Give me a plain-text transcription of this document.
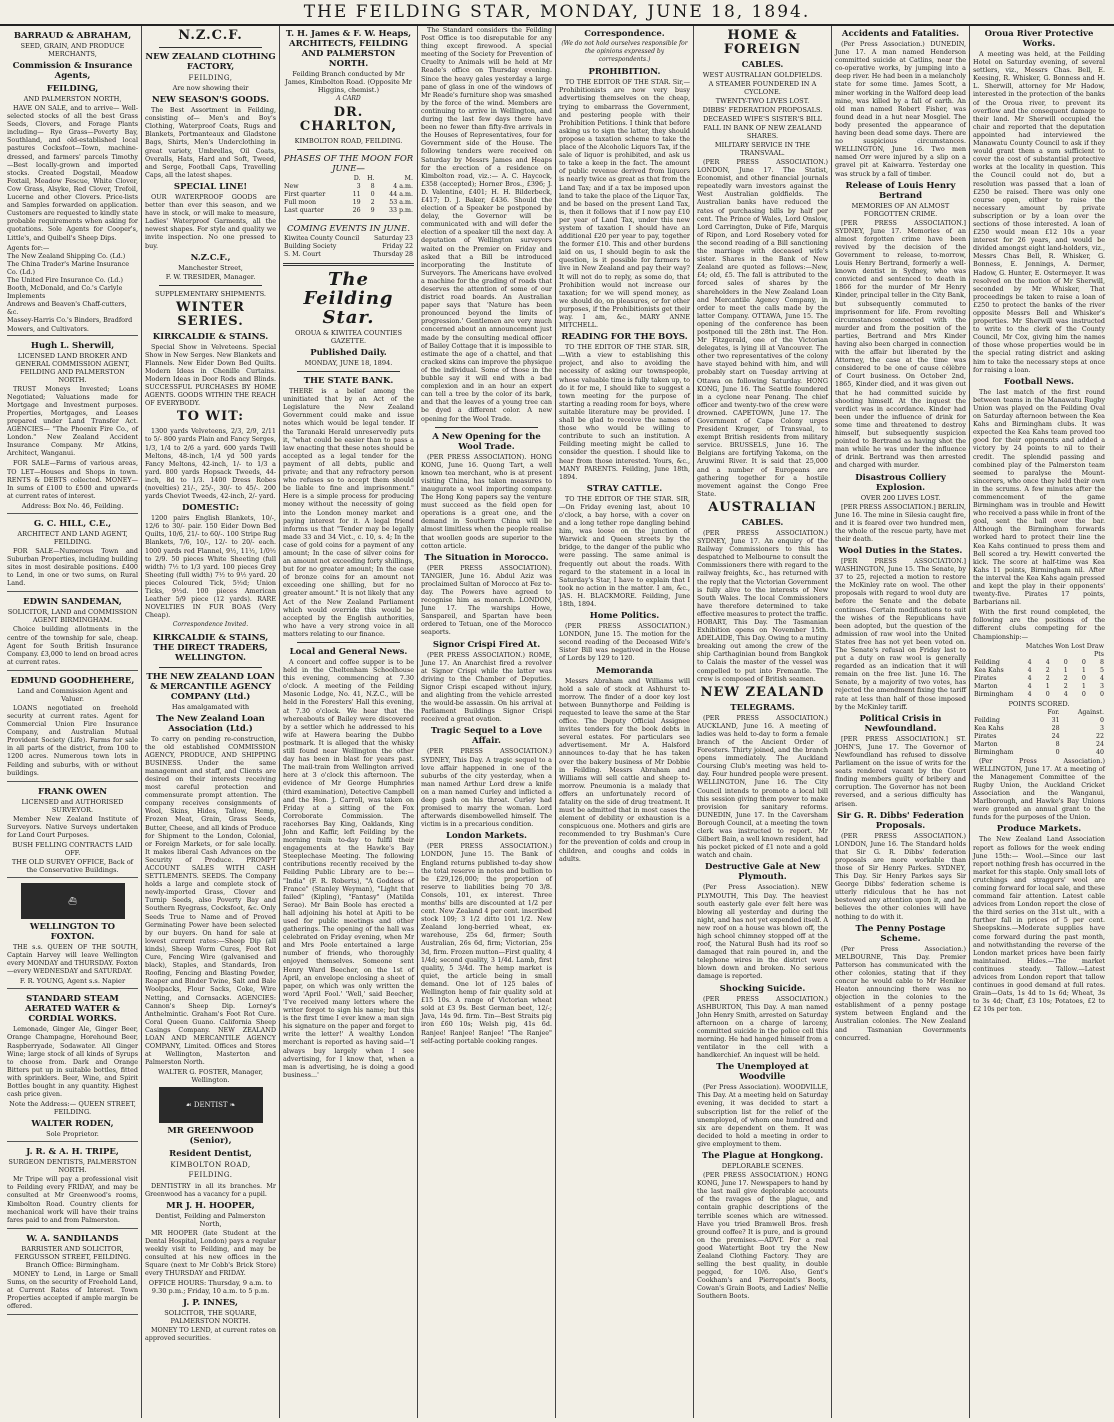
THE FEILDING STAR, MONDAY, JUNE 18, 1894.
BARRAUD & ABRAHAM,
SEED, GRAIN, AND PRODUCE MERCHANTS,
Commission & Insurance Agents,
FEILDING,
AND PALMERSTON NORTH,

HAVE ON SALE, and to arrive— Well-selected stocks of all the best Grass Seeds, Clovers, and Forage Plants including— Rye Grass—Poverty Bay, Southland, and old-established local pastures Cocksfoot—Town, machine-dressed, and farmers' parcels Timothy—Best locally-grown and imported stocks. Created Dogstail, Meadow Foxtail, Meadow Fescue, White Clover, Cow Grass, Alsyke, Red Clover, Trefoil, Lucerne and other Clovers. Price-lists and Samples forwarded on application. Customers are requested to kindly state probable requirements when asking for quotations. Sole Agents for Cooper's, Little's, and Quibell's Sheep Dips.

Agents for:—
The New Zealand Shipping Co. (Ld.)
The China Trader's Marine Insurance Co. (Ld.)
The United Fire Insurance Co. (Ld.)
Booth, McDonald, and Co.'s Carlyle Implements
Andrews and Beaven's Chaff-cutters, &c.
Massey-Harris Co.'s Binders, Bradford Mowers, and Cultivators.
Hugh L. Sherwill,
LICENSED LAND BROKER AND GENERAL COMMISSION AGENT, FEILDING AND PALMERSTON NORTH.

TRUST Moneys Invested; Loans Negotiated; Valuations made for Mortgage and Investment purposes. Properties, Mortgages, and Leases prepared under Land Transfer Act. AGENCIES— "The Phoenix Fire Co., of London." New Zealand Accident Insurance Company. Mr Atkins, Architect, Wanganui.

FOR SALE—Farms of various areas, TO LET—Houses and Shops in town. RENTS & DEBTS collected. MONEY—In sums of £100 to £500 and upwards at current rates of interest.

Address: Box No. 46, Feilding.
G. C. HILL, C.E.,
ARCHITECT AND LAND AGENT, FEILDING.

FOR SALE—Numerous Town and Suburban Properties, including building sites in most desirable positions. £400 to Lend, in one or two sums, on Rural Land.

EDWIN SANDEMAN,
SOLICITOR, LAND and COMMISSION AGENT BIRMINGHAM.

Choice building allotments in the centre of the township for sale, cheap. Agent for South British Insurance Company. £3,000 to lend on broad acres at current rates.

EDMUND GOODHEHERE,
Land and Commission Agent and Valuer.

LOANS negotiated on freehold security at current rates. Agent for Commercial Union Fire Insurance Company, and Australian Mutual Provident Society (Life). Farms for sale in all parts of the district, from 100 to 1200 acres. Numerous town lots in Feilding and suburbs, with or without buildings.

FRANK OWEN
LICENSED and AUTHORISED SURVEYOR.

Member New Zealand Institute of Surveyors. Native Surveys undertaken for Land Court Purposes.

BUSH FELLING CONTRACTS LAID OFF.
THE OLD SURVEY OFFICE, Back of the Conservative Buildings.
⛴
WELLINGTON TO FOXTON.

THE s.s. QUEEN OF THE SOUTH, Captain Harvey will leave Wellington every MONDAY and THURSDAY. Foxton—every WEDNESDAY and SATURDAY.

F. R. YOUNG, Agent s.s. Napier
STANDARD STEAM AERATED WATER & CORDIAL WORKS.

Lemonade, Ginger Ale, Ginger Beer, Orange Champagne, Horehound Beer, Raspberryade, Sodawater. All Ginger Wine; large stock of all kinds of Syrups to choose from. Dark and Orange Bitters put up in suitable bottles, fitted with sprinklers. Beer, Wine, and Spirit Bottles bought in any quantity. Highest cash price given.

Note the Address:— QUEEN STREET, FEILDING.
WALTER RODEN,
Sole Proprietor.
J. R. & A. H. TRIPE,
SURGEON DENTISTS, PALMERSTON NORTH.

Mr Tripe will pay a professional visit to Feilding every FRIDAY, and may be consulted at Mr Greenwood's rooms, Kimbolton Road. Country clients for mechanical work will have their trains fares paid to and from Palmerston.

W. A. SANDILANDS
BARRISTER AND SOLICITOR, FERGUSSON STREET, FEILDING. Branch Office: Birmingham.

MONEY to Lend, in Large or Small Sums, on the security of Freehold Land, at Current Rates of Interest. Town Properties accepted if ample margin be offered.

N.Z.C.F.
NEW ZEALAND CLOTHING FACTORY,
FEILDING,
Are now showing their
NEW SEASON'S GOODS.

The Best Assortment in Feilding, consisting of— Men's and Boy's Clothing, Waterproof Coats, Rugs and Blankets, Portmanteaux and Gladstone Bags, Shirts, Men's Underclothing in great variety, Umbrellas, Oil Coats, Overalls, Hats, Hard and Soft, Tweed, and Serge, Football Caps, Travelling Caps, all the latest shapes.

SPECIAL LINE!

OUR WATERPROOF GOODS are better than ever this season, and we have in stock, or will make to measure, Ladies' Waterproof Garments, all the newest shapes. For style and quality we invite inspection. No one pressed to buy.

N.Z.C.F.,
Manchester Street,
F. W. TRESIDER, Manager.
SUPPLEMENTARY SHIPMENTS.
WINTER SERIES.
KIRKCALDIE & STAINS.

Special Show in Velveteens. Special Show in New Serges. New Blankets and Flannels. New Eider Down Bed Quilts. Modern Ideas in Chenille Curtains. Modern Ideas in Door Rods and Blinds. SUCCESSFUL PURCHASES BY HOME AGENTS. GOODS WITHIN THE REACH OF EVERYBODY.

TO WIT:

1300 yards Velveteens, 2/3, 2/9, 2/11 to 5/- 800 yards Plain and Fancy Serges, 1/3, 1/4 to 2/6 a yard. 600 yards Twill Meltons, 48-inch, 1/4 yd 500 yards Fancy Meltons, 42-inch, 1/- to 1/3 a yard. 800 yards Hopsack Tweeds, 44-inch, 8d to 1/3. 1400 Dress Robes (novelties) 21/-, 25/-, 30/- to 45/-. 200 yards Cheviot Tweeds, 42-inch, 2/- yard.

DOMESTIC:

1200 pairs English Blankets, 10/-, 12/6 to 30/- pair. 150 Eider Down Bed Quilts, 10/6, 21/- to 60/-. 100 Stripe Rug Blankets, 7/6, 10/-, 12/- to 20/- each. 1000 yards red Flannel, 9½, 11½, 1/0½ to 2/9. 50 pieces White Sheeting (full width) 7½ to 1/3 yard. 100 pieces Grey Sheeting (full width) 7½ to 9½ yard. 20 pieces Coloured Tick, 5½d; Union Ticks, 9½d. 100 pieces American Leather 5/9 piece (12 yards). RARE NOVELTIES IN FUR BOAS (Very Cheap).

Correspondence Invited.
KIRKCALDIE & STAINS, THE DIRECT TRADERS, WELLINGTON.
THE NEW ZEALAND LOAN & MERCANTILE AGENCY COMPANY (Ltd.)
Has amalgamated with
The New Zealand Loan Association (Ltd.)

To carry on pending re-construction, the old established COMMISSION AGENCY, PRODUCE, AND SHIPPING BUSINESS. Under the same management and staff, and Clients are desired on their interests receiving most careful protection and commensurate prompt attention. The company receives consignments of Wool, Skins, Hides, Tallow, Hemp, Frozen Meat, Grain, Grass Seeds, Butter, Cheese, and all kinds of Produce for Shipment to the London, Colonial, or Foreign Markets, or for sale locally. It makes liberal Cash Advances on the Security of Produce. PROMPT ACCOUNT SALES WITH CASH SETTLEMENTS. SEEDS. The Company holds a large and complete stock of newly-imported Grass, Clover and Turnip Seeds, also Poverty Bay and Southern Ryegrass, Cocksfoot, &c. Only Seeds True to Name and of Proved Germinating Power have been selected by our buyers. On hand for sale at lowest current rates:—Sheep Dip (all kinds), Sheep Worm Cures, Foot Rot Cure, Fencing Wire (galvanised and black), Staples, and Standards, Iron Roofing, Fencing and Blasting Powder, Reaper and Binder Twine, Salt and Bale Woolpacks, Flour Sacks, Coke, Wire Netting, and Cornsacks. AGENCIES: Cannon's Sheep Dip. Lorney's Anthelmintic. Graham's Foot Rot Cure. Coral Queen Guano. California Sheep Casings Company. NEW ZEALAND LOAN AND MERCANTILE AGENCY COMPANY, Limited. Offices and Stores at Wellington, Masterton and Palmerston North.

WALTER G. FOSTER, Manager, Wellington.
☙ DENTIST ❧
MR GREENWOOD (Senior),
Resident Dentist,
KIMBOLTON ROAD,
FEILDING.

DENTISTRY in all its branches. Mr Greenwood has a vacancy for a pupil.

MR J. H. HOOPER,
Dentist, Feilding and Palmerston North,

MR HOOPER (late Student at the Dental Hospital, London) pays a regular weekly visit to Feilding, and may be consulted at his new offices in the Square (next to Mr Cobb's Brick Store) every THURSDAY and FRIDAY.

OFFICE HOURS: Thursday, 9 a.m. to 9.30 p.m.; Friday, 10 a.m. to 5 p.m.
J. P. INNES,
SOLICITOR, THE SQUARE, PALMERSTON NORTH.

MONEY TO LEND, at current rates on approved securities.

T. H. James & F. W. Heaps, ARCHITECTS, FEILDING AND PALMERSTON NORTH.
Feilding Branch conducted by Mr James, Kimbolton Road. (Opposite Mr Higgins, chemist.)
A CARD
DR. CHARLTON,
KIMBOLTON ROAD, FEILDING.
PHASES OF THE MOON FOR JUNE—
	D.	H.	M.
New	3	8	4 a.m.
First quarter	11	0	44 a.m.
Full moon	19	2	53 a.m.
Last quarter	26	9	33 p.m.
COMING EVENTS IN JUNE.
Kiwitea County Council	Saturday 23
Building Society	Friday 22
S. M. Court	Thursday 28
The Feilding Star.
OROUA & KIWITEA COUNTIES GAZETTE.
Published Daily.
MONDAY, JUNE 18, 1894.
THE STATE BANK.

THERE is a belief among the uninitiated that by an Act of the Legislature the New Zealand Government could make and issue notes which would be legal tender. If the Taranaki Herald unreservedly puts it, "what could be easier than to pass a law enacting that these notes should be accepted as a legal tender for the payment of all debts, public and private; and that any refractory person who refuses so to accept them should be liable to fine and imprisonment." Here is a simple process for producing money without the necessity of going into the London money market and paying interest for it. A legal friend informs us that "Tender may be legally made 33 and 34 Vict., c. 10, s. 4; In the case of gold coins for a payment of any amount; In the case of silver coins for an amount not exceeding forty shillings, but for no greater amount; In the case of bronze coins for an amount not exceeding one shilling, but for no greater amount." It is not likely that any Act of the New Zealand Parliament which would override this would be accepted by the English authorities, who have a very strong voice in all matters relating to our finance.

Local and General News.

A concert and coffee supper is to be held in the Cheltenham Schoolhouse this evening, commencing at 7.30 o'clock. A meeting of the Feilding Masonic Lodge, No. 41, N.Z.C., will be held in the Foresters' Hall this evening, at 7.30 o'clock. We hear that the whereabouts of Bailey were discovered by a settler which he addressed to his wife at Hawera bearing the Dubbo postmark. It is alleged that the whisky still found near Wellington the other day has been in blast for years past. The mail-train from Wellington arrived here at 3 o'clock this afternoon. The evidence of Mr George Humphries (third examination), Detective Campbell and the Hon. J. Carroll, was taken on Friday at a sitting of the Fox Corroborate Commission. The racehorses Bay King, Oaklands, King John and Kaffir, left Feilding by the morning train to-day to fulfil their engagements at the Hawke's Bay Steeplechase Meeting. The following contributions recently received by the Feilding Public Library are to be:— "India" (F. R. Roberts), "A Goddess of France" (Stanley Weyman), "Light that failed" (Kipling), "Fantasy" (Matilda Serao). Mr Bain Boole has erected a hall adjoining his hotel at Apiti to be used for public meetings and other gatherings. The opening of the hall was celebrated on Friday evening, when Mr and Mrs Poole entertained a large number of friends, who thoroughly enjoyed themselves. Someone sent Henry Ward Beecher, on the 1st of April, an envelope enclosing a sheet of paper, on which was only written the word 'April Fool.' 'Well,' said Beecher, 'I've received many letters where the writer forgot to sign his name; but this is the first time I ever knew a man sign his signature on the paper and forget to write the letter!' A wealthy London merchant is reported as having said—'I always buy largely when I see advertising, for I know that, when a man is advertising, he is doing a good business...'

The Standard considers the Feilding Post Office is too disreputable for any thing except firewood. A special meeting of the Society for Prevention of Cruelty to Animals will be held at Mr Reade's office on Thursday evening. Since the heavy gales yesterday a large pane of glass in one of the windows of Mr Reade's furniture shop was smashed by the force of the wind. Members are continuing to arrive in Wellington, and during the last few days there have been no fewer than fifty-five arrivals in the Houses of Representatives, four for Government side of the House. The following tenders were received on Saturday by Messrs James and Heaps for the erection of a residence on Kimbolton road, viz.:— A. C. Haycock, £358 (accepted); Horner Bros., £396; J. D. Valentine, £401; H. H. Bilderbeck, £417; D. J. Baker, £436. Should the election of a Speaker be postponed by delay, the Governor will be communicated with and will defer the election of a speaker till the next day. A deputation of Wellington surveyors waited on the Premier on Friday and asked that a Bill be introduced incorporating the Institute of Surveyors. The Americans have evolved a machine for the grading of roads that deserves the attention of some of our district road boards. An Australian paper says that 'Nature has been pronounced beyond the limits of progression.' Gentlemen are very much concerned about an announcement just made by the consulting medical officer of Bailey Cottage that it is impossible to estimate the age of a chattel, and that cracked skins can improve the physique of the individual. Some of those in the bubble say it will end with a bad complexion and in an hour an expert can tell a tree by the color of its bark, and that the leaves of a young tree can be dyed a different color. A new opening for the Wool Trade.

A New Opening for the Wool Trade.

(PER PRESS ASSOCIATION). HONG KONG, June 16. Quong Tart, a well known tea merchant, who is at present visiting China, has taken measures to inaugurate a wool importing company. The Hong Kong papers say the venture must succeed as the field open for operations is a great one, and the demand in Southern China will be almost limitless when the people realise that woollen goods are superior to the cotton article.

The Situation in Morocco.

(PER PRESS ASSOCIATION). TANGIER, June 16. Abdul Aziz was proclaimed Sultan of Morocco at Fez to-day. The Powers have agreed to recognise him as monarch. LONDON, June 17. The warships Howe, Sanspareil, and Spartan have been ordered to Tetuan, one of the Morocco seaports.

Signor Crispi Fired At.

(PER PRESS ASSOCIATION.) ROME, June 17. An Anarchist fired a revolver at Signor Crispi while the latter was driving to the Chamber of Deputies. Signor Crispi escaped without injury, and alighting from the vehicle arrested the would-be assassin. On his arrival at Parliament Buildings Signor Crispi received a great ovation.

Tragic Sequel to a Love Affair.

(PER PRESS ASSOCIATION.) SYDNEY, This Day. A tragic sequel to a love affair happened in one of the suburbs of the city yesterday, when a man named Arthur Lord drew a knife on a man named Curley and inflicted a deep gash on his throat. Curley had promised to marry the woman. Lord afterwards disembowelled himself. The victim is in a precarious condition.

London Markets.

(PER PRESS ASSOCIATION.) LONDON, June 15. The Bank of England returns published to-day show the total reserve in notes and bullion to be £29,126,000; the proportion of reserve to liabilities being 70 3/8. Consols, 101, ex interest. Three months' bills are discounted at 1/2 per cent. New Zealand 4 per cent. inscribed stock 109; 3 1/2 ditto 101 1/2. New Zealand long-berried wheat, ex-warehouse, 25s 6d, firmer; South Australian, 26s 6d, firm; Victorian, 25s 3d, firm. Frozen mutton—First quality, 4 1/4d; second quality, 3 1/4d. Lamb, first quality, 5 3/4d. The hemp market is quiet, the article being in small demand. One lot of 125 bales of Wellington hemp of fair quality sold at £15 10s. A range of Victorian wheat sold at £3 9s. Best German beet, 12/-; Java, 14s 9d. firm. Tin—Best Straits pig iron £60 10s; Welsh pig, 41s 6d. Ranjee! Ranjee! Ranjee! "The Ranjee" self-acting portable cooking ranges.

Correspondence.
(We do not hold ourselves responsible for the opinions expressed by correspondents.)
PROHIBITION.

TO THE EDITOR OF THE STAR. Sir,—Prohibitionists are now very busy advertising themselves on the cheap, trying to embarrass the Government, and pestering people with their Prohibition Petitions. I think that before asking us to sign the latter, they should propose a taxation scheme to take the place of the Alcoholic Liquors Tax, if the sale of liquor is prohibited, and ask us to take a keep in the fact. The amount of public revenue derived from liquors is nearly twice as great as that from the Land Tax; and if a tax be imposed upon land to take the place of the Liquor Tax, and be based on the present Land Tax, is, then it follows that if I now pay £10 per year of Land Tax, under this new system of taxation I should have an additional £20 per year to pay, together the former £10. This and other burdens laid on us, I should begin to ask the question, is it possible for farmers to live in New Zealand and pay their way? It will not do to reply, as some do, that Prohibition would not increase our taxation; for we will spend money, as we should do, on pleasures, or for other purposes, if the Prohibitionists get their way. I am, &c., MARY ANNE MITCHELL.

READING FOR THE BOYS.

TO THE EDITOR OF THE STAR. SIR,—With a view to establishing this project, and also to avoiding the necessity of asking our townspeople, whose valuable time is fully taken up, to do it for me, I should like to suggest a town meeting for the purpose of starting a reading room for boys, where suitable literature may be provided. I shall be glad to receive the names of those who would be willing to contribute to such an institution. A Feilding meeting might be called to consider the question. I should like to hear from those interested. Yours, &c., MANY PARENTS. Feilding, June 18th, 1894.

STRAY CATTLE.

TO THE EDITOR OF THE STAR. SIR,—On Friday evening last, about 10 o'clock, a bay horse, with a cover on and a long tether rope dangling behind him, was loose on the junction of Warwick and Queen streets by the bridge, to the danger of the public who were passing. The same animal is frequently out about the roads. With regard to the statement in a local in Saturday's Star, I have to explain that I took no action in the matter. I am, &c., JAS. H. BLACKMORE. Feilding, June 18th, 1894.

Home Politics.

(PER PRESS ASSOCIATION.) LONDON, June 15. The motion for the second reading of the Deceased Wife's Sister Bill was negatived in the House of Lords by 129 to 120.

Memoranda

Messrs Abraham and Williams will hold a sale of stock at Ashhurst to-morrow. The finder of a door key lost between Bunnythorpe and Feilding is requested to leave the same at the Star office. The Deputy Official Assignee invites tenders for the book debts in several estates. For particulars see advertisement. Mr A. Halsford announces to-day that he has taken over the bakery business of Mr Dobbie in Feilding. Messrs Abraham and Williams will sell cattle and sheep to-morrow. Pneumonia is a malady that offers an unfortunately record of fatality on the side of drug treatment. It must be admitted that in most cases the element of debility or exhaustion is a conspicuous one. Mothers and girls are recommended to try Bushman's Cure for the prevention of colds and croup in children, and coughs and colds in adults.

HOME & FOREIGN
CABLES.
WEST AUSTRALIAN GOLDFIELDS.
A STEAMER FOUNDERED IN A CYCLONE.
TWENTY-TWO LIVES LOST.
DIBBS' FEDERATION PROPOSALS.
DECEASED WIFE'S SISTER'S BILL
FALL IN BANK OF NEW ZEALAND SHARES.
MILITARY SERVICE IN THE TRANSVAAL.

(PER PRESS ASSOCIATION.) LONDON, June 17. The Statist, Economist, and other financial journals repeatedly warn investors against the West Australian goldfields. The Australian banks have reduced the rates of purchasing bills by half per cent. The Prince of Wales, Lord Onslow, Lord Carrington, Duke of Fife, Marquis of Ripon, and Lord Rosebery voted for the second reading of a Bill sanctioning the marriage with deceased wife's sister. Shares in the Bank of New Zealand are quoted as follows:—New, £4; old, £5. The fall is attributed to the forced sales of shares by the shareholders in the New Zealand Loan and Mercantile Agency Company, in order to meet the calls made by the latter Company. OTTAWA, June 15. The opening of the conference has been postponed till the 28th inst. The Hon. Mr Fitzgerald, one of the Victorian delegates, is lying ill at Vancouver. The other two representatives of the colony have stayed behind with him, and will probably start on Tuesday arriving at Ottawa on following Saturday. HONG KONG, June 16. The Seattle foundered in a cyclone near Penang. The chief officer and twenty-two of the crew were drowned. CAPETOWN, June 17. The Government of Cape Colony urges President Kruger, of Transvaal, to exempt British residents from military service. BRUSSELS, June 16. The Belgians are fortifying Yakoma, on the Aruwimi River. It is said that 25,000 and a number of Europeans are gathering together for a hostile movement against the Congo Free State.

AUSTRALIAN
CABLES.

(PER PRESS ASSOCIATION.) SYDNEY, June 17. An enquiry of the Railway Commissioners to this has despatched to Melbourne to consult the Commissioners there with regard to the railway freights, &c., has returned with the reply that the Victorian Government is fully alive to the interests of New South Wales. The local Commissioners have therefore determined to take effective measures to protect the traffic. HOBART, This Day. The Tasmanian Exhibition opens on November 15th. ADELAIDE, This Day. Owing to a mutiny breaking out among the crew of the ship Carthaginian bound from Bangkok to Calais the master of the vessel was compelled to put into Fremantle. The crew is composed of British seamen.

NEW ZEALAND
TELEGRAMS.

(PER PRESS ASSOCIATION.) AUCKLAND, June 16. A meeting of ladies was held to-day to form a female branch of the Ancient Order of Foresters. Thirty joined, and the branch opens immediately. The Auckland Coursing Club's meeting was held to-day. Four hundred people were present. WELLINGTON, June 16. The City Council intends to promote a local bill this session giving them power to make provision for sanitary reforms. DUNEDIN, June 17. In the Caversham Borough Council, at a meeting the town clerk was instructed to report. Mr Gilbert Bain, a well known resident, had his pocket picked of £1 note and a gold watch and chain.

Destructive Gale at New Plymouth.

(Per Press Association). NEW PLYMOUTH, This Day. The heaviest south easterly gale ever felt here was blowing all yesterday and during the night, and has not yet expended itself. A new roof on a house was blown off, the high school chimney stopped off at the roof, the Natural Bush had its roof so damaged that rain poured in, and the telephone wires in the district were blown down and broken. No serious damage is reported.

Shocking Suicide.

(PER PRESS ASSOCIATION.) ASHBURTON, This Day. A man named John Henry Smith, arrested on Saturday afternoon on a charge of larceny, committed suicide in the police cell this morning. He had hanged himself from a ventilator in the cell with a handkerchief. An inquest will be held.

The Unemployed at Woodville

(Per Press Association). WOODVILLE, This Day. At a meeting held on Saturday evening, it was decided to start a subscription list for the relief of the unemployed, of whom one hundred and six are dependent on them. It was decided to hold a meeting in order to give employment to them.

The Plague at Hongkong.
DEPLORABLE SCENES.

(PER PRESS ASSOCIATION.) HONG KONG, June 17. Newspapers to hand by the last mail give deplorable accounts of the ravages of the plague, and contain graphic descriptions of the terrible scenes which are witnessed. Have you tried Bramwell Bros. fresh ground coffee? It is pure, and is ground on the premises.—ADVT. For a real good Watertight Boot try the New Zealand Clothing Factory. They are selling the best quality, in double pegged, for 10/6. Also, Gent's Cookham's and Pierrepoint's Boots, Cowan's Grain Boots, and Ladies' Nellie Southern Boots.

Accidents and Fatalities.

(Per Press Association.) DUNEDIN, June 17. A man named Henderson committed suicide at Catlins, near the co-operative works, by jumping into a deep river. He had been in a melancholy state for some time. James Scott, a miner working in the Walford deep lead mine, was killed by a fall of earth. An old man named Robert Fisher, was found dead in a hut near Mosgiel. The body presented the appearance of having been dead some days. There are no suspicious circumstances. WELLINGTON, June 16. Two men named Orr were injured by a slip on a gravel pit at Kaiwarra. Yesterday one was struck by a fall of timber.

Release of Louis Henry Bertrand
MEMORIES OF AN ALMOST FORGOTTEN CRIME.

[PER PRESS ASSOCIATION.] SYDNEY, June 17. Memories of an almost forgotten crime have been revived by the decision of the Government to release, to-morrow, Louis Henry Bertrand, formerly a well-known dentist in Sydney, who was convicted and sentenced to death in 1866 for the murder of Mr Henry Kinder, principal teller in the City Bank, but subsequently commuted to imprisonment for life. From revolting circumstances connected with the murder and from the position of the parties, Bertrand and Mrs Kinder having also been charged in connection with the affair but liberated by the Attorney, the case at the time was considered to be one of cause célèbre of Court business. On October 2nd, 1865, Kinder died, and it was given out that he had committed suicide by shooting himself. At the inquest the verdict was in accordance. Kinder had been under the influence of drink for some time and threatened to destroy himself, but subsequently suspicion pointed to Bertrand as having shot the man while he was under the influence of drink. Bertrand was then arrested and charged with murder.

Disastrous Colliery Explosion.
OVER 200 LIVES LOST.

[PER PRESS ASSOCIATION.] BERLIN, June 16. The mine in Silesia caught fire, and it is feared over two hundred men, the whole of the rescue party, have met their death.

Wool Duties in the States.

[PER PRESS ASSOCIATION.] WASHINGTON, June 15. The Senate, by 37 to 25, rejected a motion to restore the McKinley rate on wool. The other proposals with regard to wool duty are before the Senate and the debate continues. Certain modifications to suit the wishes of the Republicans have been adopted, but the question of the admission of raw wool into the United States free has not yet been voted on. The Senate's refusal on Friday last to put a duty on raw wool is generally regarded as an indication that it will remain on the free list. June 16. The Senate, by a majority of two votes, has rejected the amendment fixing the tariff rate at less than half of those imposed by the McKinley tariff.

Political Crisis in Newfoundland.

[PER PRESS ASSOCIATION.] ST. JOHN'S, June 17. The Governor of Newfoundland has refused to dissolve Parliament on the issue of writs for the seats rendered vacant by the Court finding members guilty of bribery and corruption. The Governor has not been reversed, and a serious difficulty has arisen.

Sir G. R. Dibbs' Federation Proposals.

(PER PRESS ASSOCIATION.) LONDON, June 16. The Standard holds that Sir G. R. Dibbs' federation proposals are more workable than those of Sir Henry Parkes. SYDNEY, This Day. Sir Henry Parkes says Sir George Dibbs' federation scheme is utterly ridiculous that he has not bestowed any attention upon it, and he believes the other colonies will have nothing to do with it.

The Penny Postage Scheme.

(Per Press Association.) MELBOURNE, This Day. Premier Patterson has communicated with the other colonies, stating that if they concur he would cable to Mr Heniker Heaton announcing there was no objection in the colonies to the establishment of a penny postage system between England and the Australian colonies. The New Zealand and Tasmanian Governments concurred.

Oroua River Protective Works.

A meeting was held, at the Feilding Hotel on Saturday evening, of several settlers, viz., Messrs Chas. Bell, E. Keesing, R. Whisker, G. Bonness and H. L. Sherwill, attorney for Mr Hadow, interested in the protection of the banks of the Oroua river, to prevent its overflow and the consequent damage to their land. Mr Sherwill occupied the chair and reported that the deputation appointed had interviewed the Manawatu County Council to ask if they would grant them a sum sufficient to cover the cost of substantial protective works at the locality in question. This the Council could not do, but a resolution was passed that a loan of £250 be raised. There was only one course open, either to raise the necessary amount by private subscription or by a loan over the sections of those interested. A loan of £250 would mean £12 10s a year interest for 26 years, and would be divided amongst eight land-holders, viz., Messrs Chas Bell, R. Whisker, G. Bonness, E. Jennings, A. Dermer, Hadow, G. Hunter, E. Ostermeyer. It was resolved on the motion of Mr Sherwill, seconded by Mr Whisker, That proceedings be taken to raise a loan of £250 to protect the banks of the river opposite Messrs Bell and Whisker's properties. Mr Sherwill was instructed to write to the clerk of the County Council, Mr Cox, giving him the names of those whose properties would be in the special rating district and asking him to take the necessary steps at once for raising a loan.

Football News.

The last match of the first round between teams in the Manawatu Rugby Union was played on the Feilding Oval on Saturday afternoon between the Kea Kahs and Birmingham clubs. It was expected the Kea Kahs team proved too good for their opponents and added a victory by 24 points to nil to their credit. The splendid passing and combined play of the Palmerston team seemed to paralyse the Mount-sincerers, who once they held their own in the scrums. A few minutes after the commencement of the game Birmingham was in trouble and Hewitt who received a pass while in front of the goal, sent the ball over the bar. Although the Birmingham forwards worked hard to protect their line the Kea Kahs continued to press them and Bell scored a try. Hewitt converted the kick. The score at half-time was Kea Kahs 11 points, Birmingham nil. After the interval the Kea Kahs again pressed and kept the play in their opponents' twenty-five. Pirates 17 points, Barbarians nil.

With the first round completed, the following are the positions of the different clubs competing for the Championship:—

	Matches Won Lost Draw Pts				
Feilding	4	4	0	0	8
Kea Kahs	4	2	1	1	5
Pirates	4	2	2	0	4
Marton	4	1	2	1	3
Birmingham	4	0	4	0	0
POINTS SCORED.
	For.	Against.
Feilding	31	0
Kea Kahs	28	3
Pirates	24	22
Marton	8	24
Birmingham	0	40

(Per Press Association.) WELLINGTON, June 17. At a meeting of the Management Committee of the Rugby Union, the Auckland Cricket Association and the Wanganui, Marlborough, and Hawke's Bay Unions were granted an annual grant to the funds for the purposes of the Union.

Produce Markets.

The New Zealand Land Association report as follows for the week ending June 15th:— Wool.—Since our last report nothing fresh has occurred in the market for this staple. Only small lots of crutchings and straggers' wool are coming forward for local sale, and these command fair attention. Latest cable advices from London report the close of the third series on the 31st ult., with a further fall in prices of 5 per cent. Sheepskins.—Moderate supplies have come forward during the past month, and notwithstanding the reverse of the London market prices have been fairly maintained. Hides.—The market continues steady. Tallow.—Latest advices from London report that tallow continues in good demand at full rates. Grain—Oats, 1s 4d to 1s 6d; Wheat, 3s to 3s 4d; Chaff, £3 10s; Potatoes, £2 to £2 10s per ton.
